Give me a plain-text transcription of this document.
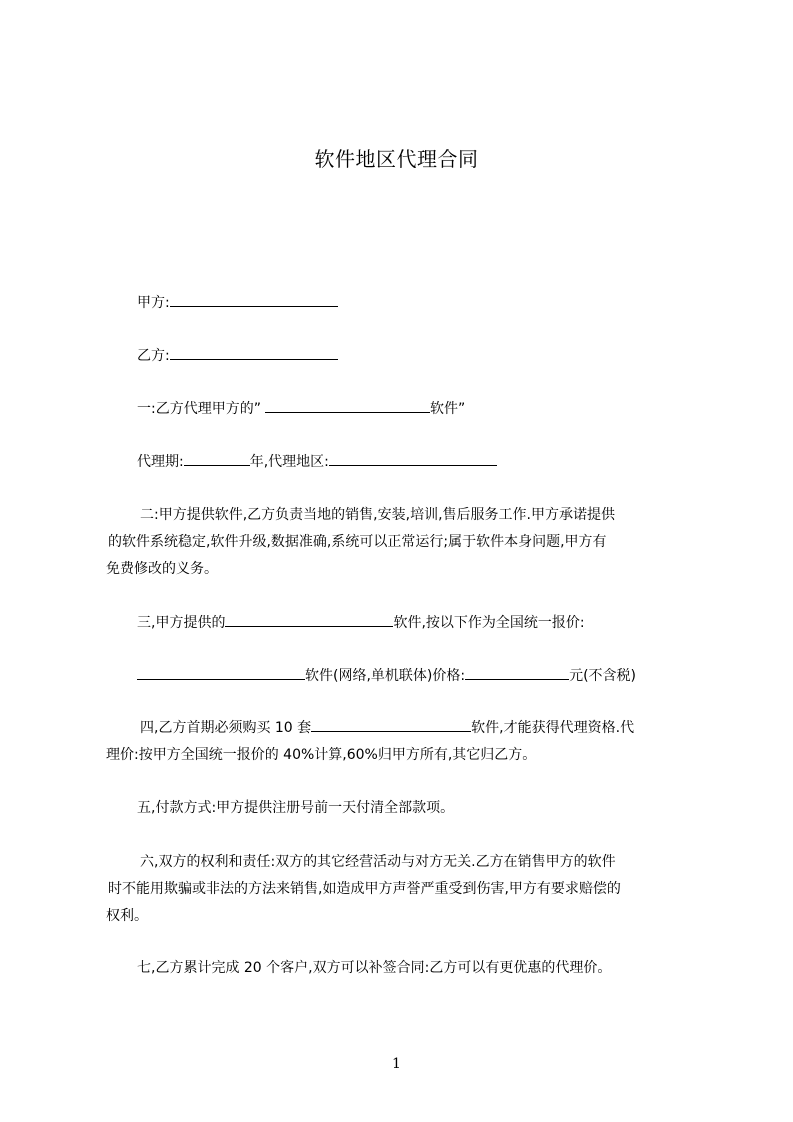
软件地区代理合同
甲方:
乙方:
一:乙方代理甲方的”	软件”
代理期:	年,代理地区:
二:甲方提供软件,乙方负责当地的销售,安装,培训,售后服务工作.甲方承诺提供
的软件系统稳定,软件升级,数据准确,系统可以正常运行;属于软件本身问题,甲方有
免费修改的义务。
三,甲方提供的	软件,按以下作为全国统一报价:
软件(网络,单机联体)价格:	元(不含税)
四,乙方首期必须购买 10 套	软件,才能获得代理资格.代
理价:按甲方全国统一报价的 40%计算,60%归甲方所有,其它归乙方。
五,付款方式:甲方提供注册号前一天付清全部款项。
六,双方的权利和责任:双方的其它经营活动与对方无关.乙方在销售甲方的软件
时不能用欺骗或非法的方法来销售,如造成甲方声誉严重受到伤害,甲方有要求赔偿的
权利。
七,乙方累计完成 20 个客户,双方可以补签合同:乙方可以有更优惠的代理价。
1
